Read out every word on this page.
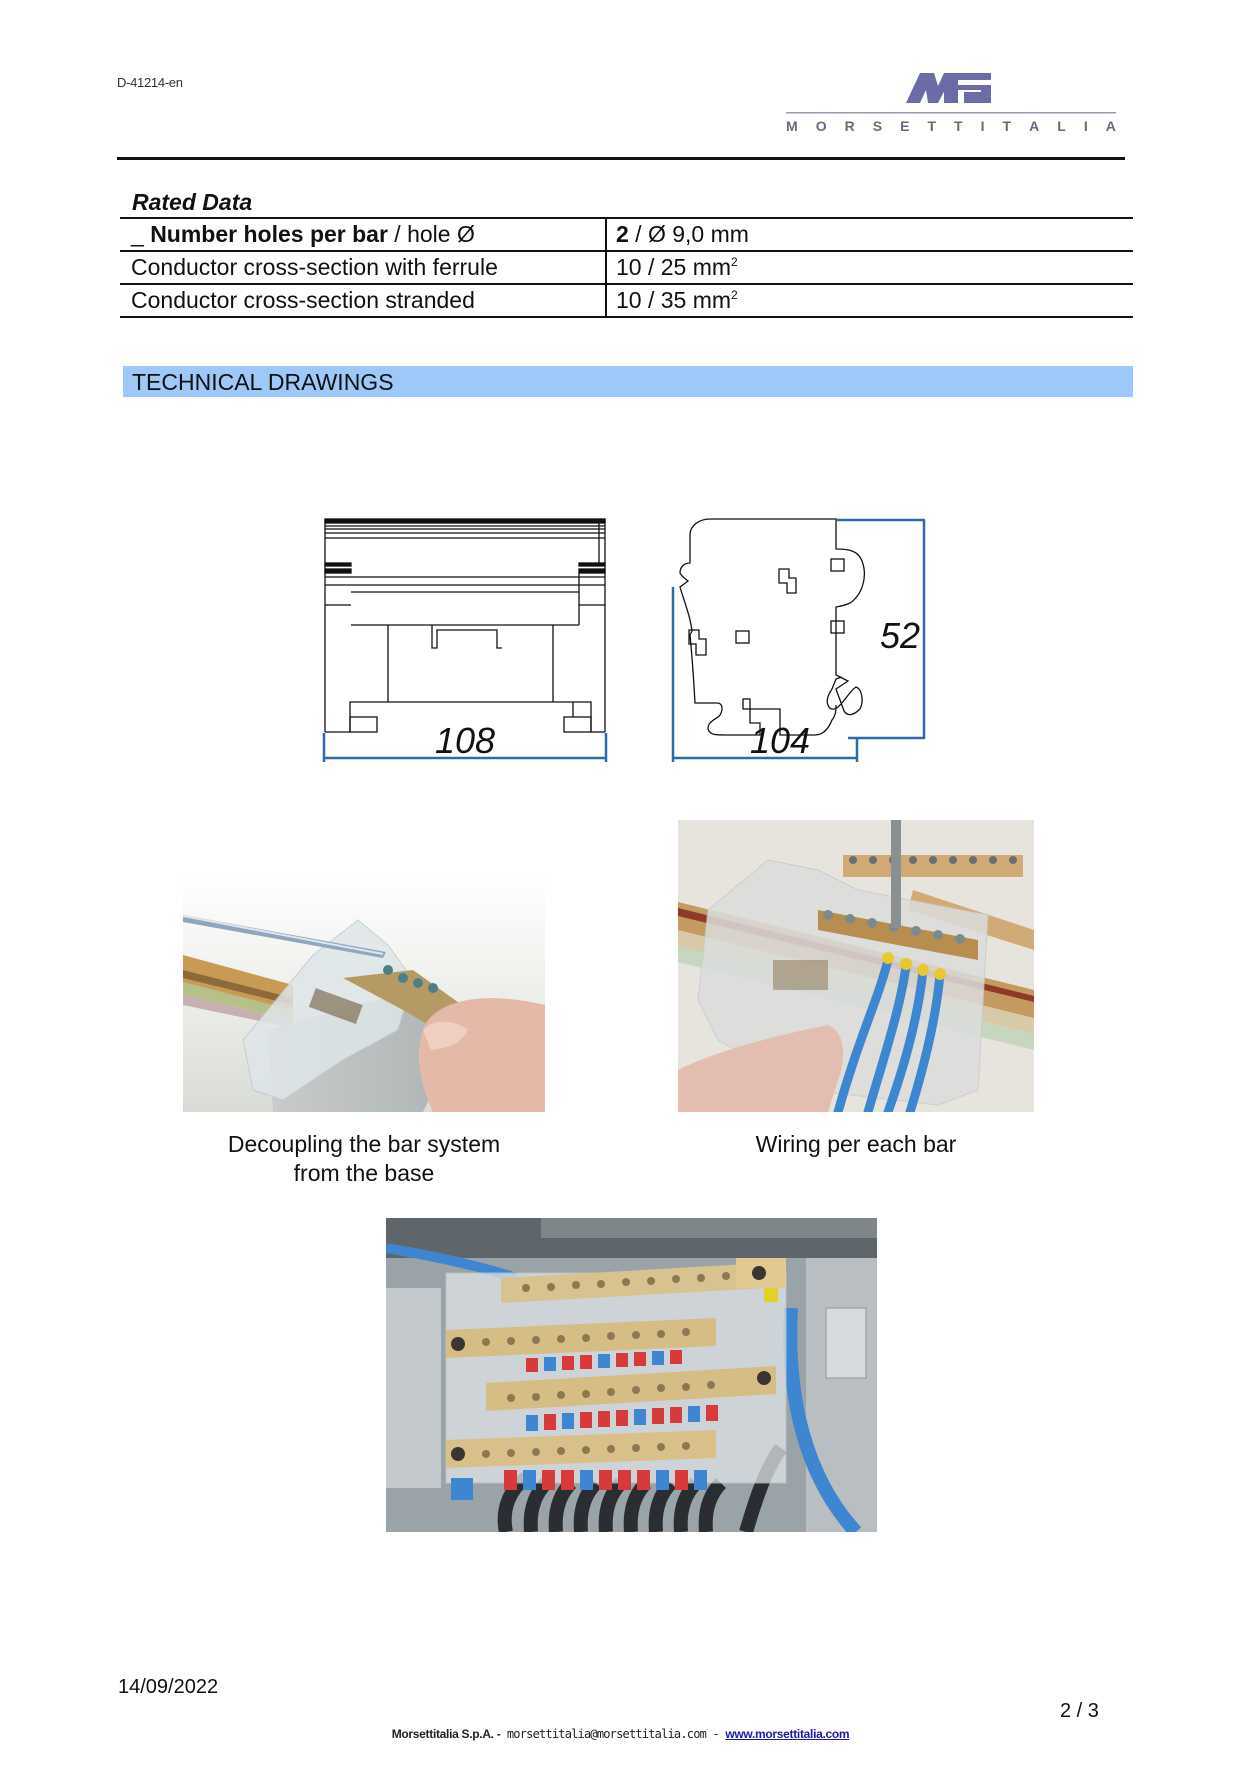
D-41214-en
M O R S E T T I T A L I A
Rated Data
_ Number holes per bar / hole Ø	2 / Ø 9,0 mm
Conductor cross-section with ferrule	10 / 25 $mm^2$
Conductor cross-section stranded	10 / 35 $mm^2$
TECHNICAL DRAWINGS
108
52
104
Decoupling the bar system
from the base
Wiring per each bar
14/09/2022
2 / 3
Morsettitalia S.p.A. - morsettitalia@morsettitalia.com - www.morsettitalia.com
